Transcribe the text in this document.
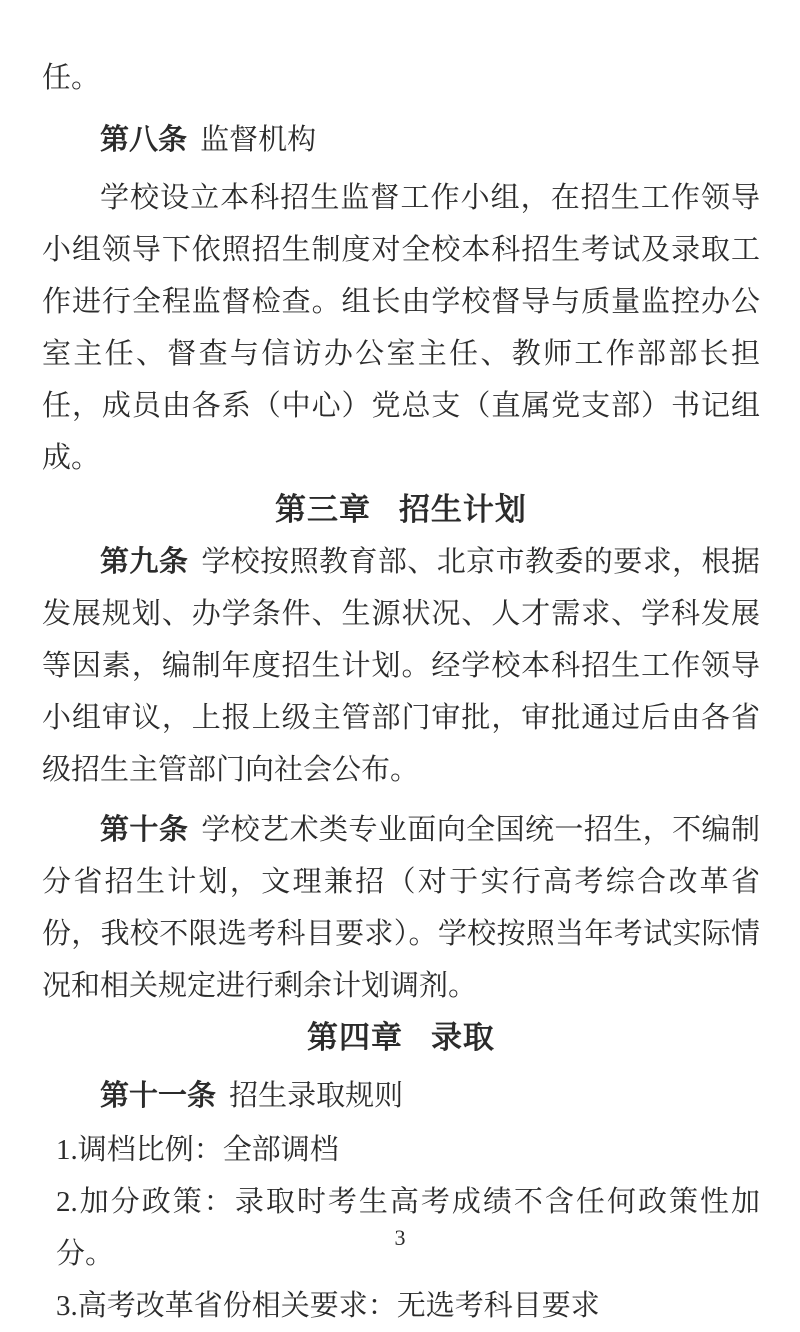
任。

第八条 监督机构

学校设立本科招生监督工作小组，在招生工作领导小组领导下依照招生制度对全校本科招生考试及录取工作进行全程监督检查。组长由学校督导与质量监控办公室主任、督查与信访办公室主任、教师工作部部长担任，成员由各系（中心）党总支（直属党支部）书记组成。

第三章 招生计划

第九条 学校按照教育部、北京市教委的要求，根据发展规划、办学条件、生源状况、人才需求、学科发展等因素，编制年度招生计划。经学校本科招生工作领导小组审议，上报上级主管部门审批，审批通过后由各省级招生主管部门向社会公布。

第十条 学校艺术类专业面向全国统一招生，不编制分省招生计划，文理兼招（对于实行高考综合改革省份，我校不限选考科目要求）。学校按照当年考试实际情况和相关规定进行剩余计划调剂。

第四章 录取

第十一条 招生录取规则

1.调档比例：全部调档

2.加分政策：录取时考生高考成绩不含任何政策性加分。

3.高考改革省份相关要求：无选考科目要求

3
